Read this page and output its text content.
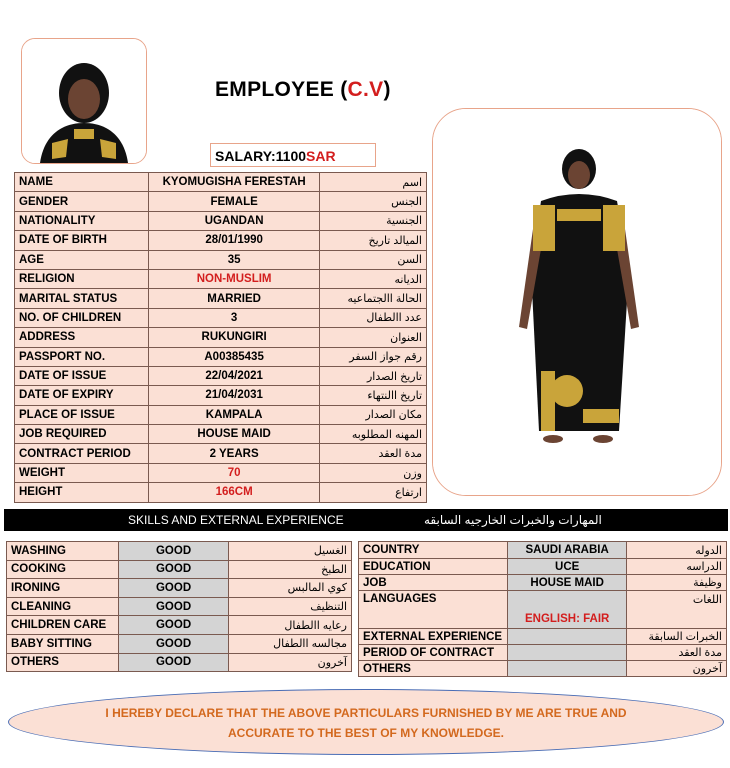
EMPLOYEE (C.V)
SALARY:1100SAR
NAME	KYOMUGISHA FERESTAH	اسم
GENDER	FEMALE	الجنس
NATIONALITY	UGANDAN	الجنسية
DATE OF BIRTH	28/01/1990	الميالد تاريخ
AGE	35	السن
RELIGION	NON-MUSLIM	الديانه
MARITAL STATUS	MARRIED	الحالة االجتماعيه
NO. OF CHILDREN	3	عدد االطفال
ADDRESS	RUKUNGIRI	العنوان
PASSPORT NO.	A00385435	رقم جواز السفر
DATE OF ISSUE	22/04/2021	تاريخ الصدار
DATE OF EXPIRY	21/04/2031	تاريخ االنتهاء
PLACE OF ISSUE	KAMPALA	مكان الصدار
JOB REQUIRED	HOUSE MAID	المهنه المطلوبه
CONTRACT PERIOD	2 YEARS	مدة العقد
WEIGHT	70	وزن
HEIGHT	166CM	ارتفاع
SKILLS AND EXTERNAL EXPERIENCE	المهارات والخبرات الخارجيه السابقه
WASHING	GOOD	الغسيل
COOKING	GOOD	الطبخ
IRONING	GOOD	كوي المالبس
CLEANING	GOOD	التنظيف
CHILDREN CARE	GOOD	رعايه االطفال
BABY SITTING	GOOD	مجالسه االطفال
OTHERS	GOOD	آخرون
COUNTRY	SAUDI ARABIA	الدوله
EDUCATION	UCE	الدراسه
JOB	HOUSE MAID	وظيفة
LANGUAGES	ENGLISH: FAIR	اللغات
EXTERNAL EXPERIENCE		الخبرات السابقة
PERIOD OF CONTRACT		مدة العقد
OTHERS		آخرون
I HEREBY DECLARE THAT THE ABOVE PARTICULARS FURNISHED BY ME ARE TRUE AND
ACCURATE TO THE BEST OF MY KNOWLEDGE.
